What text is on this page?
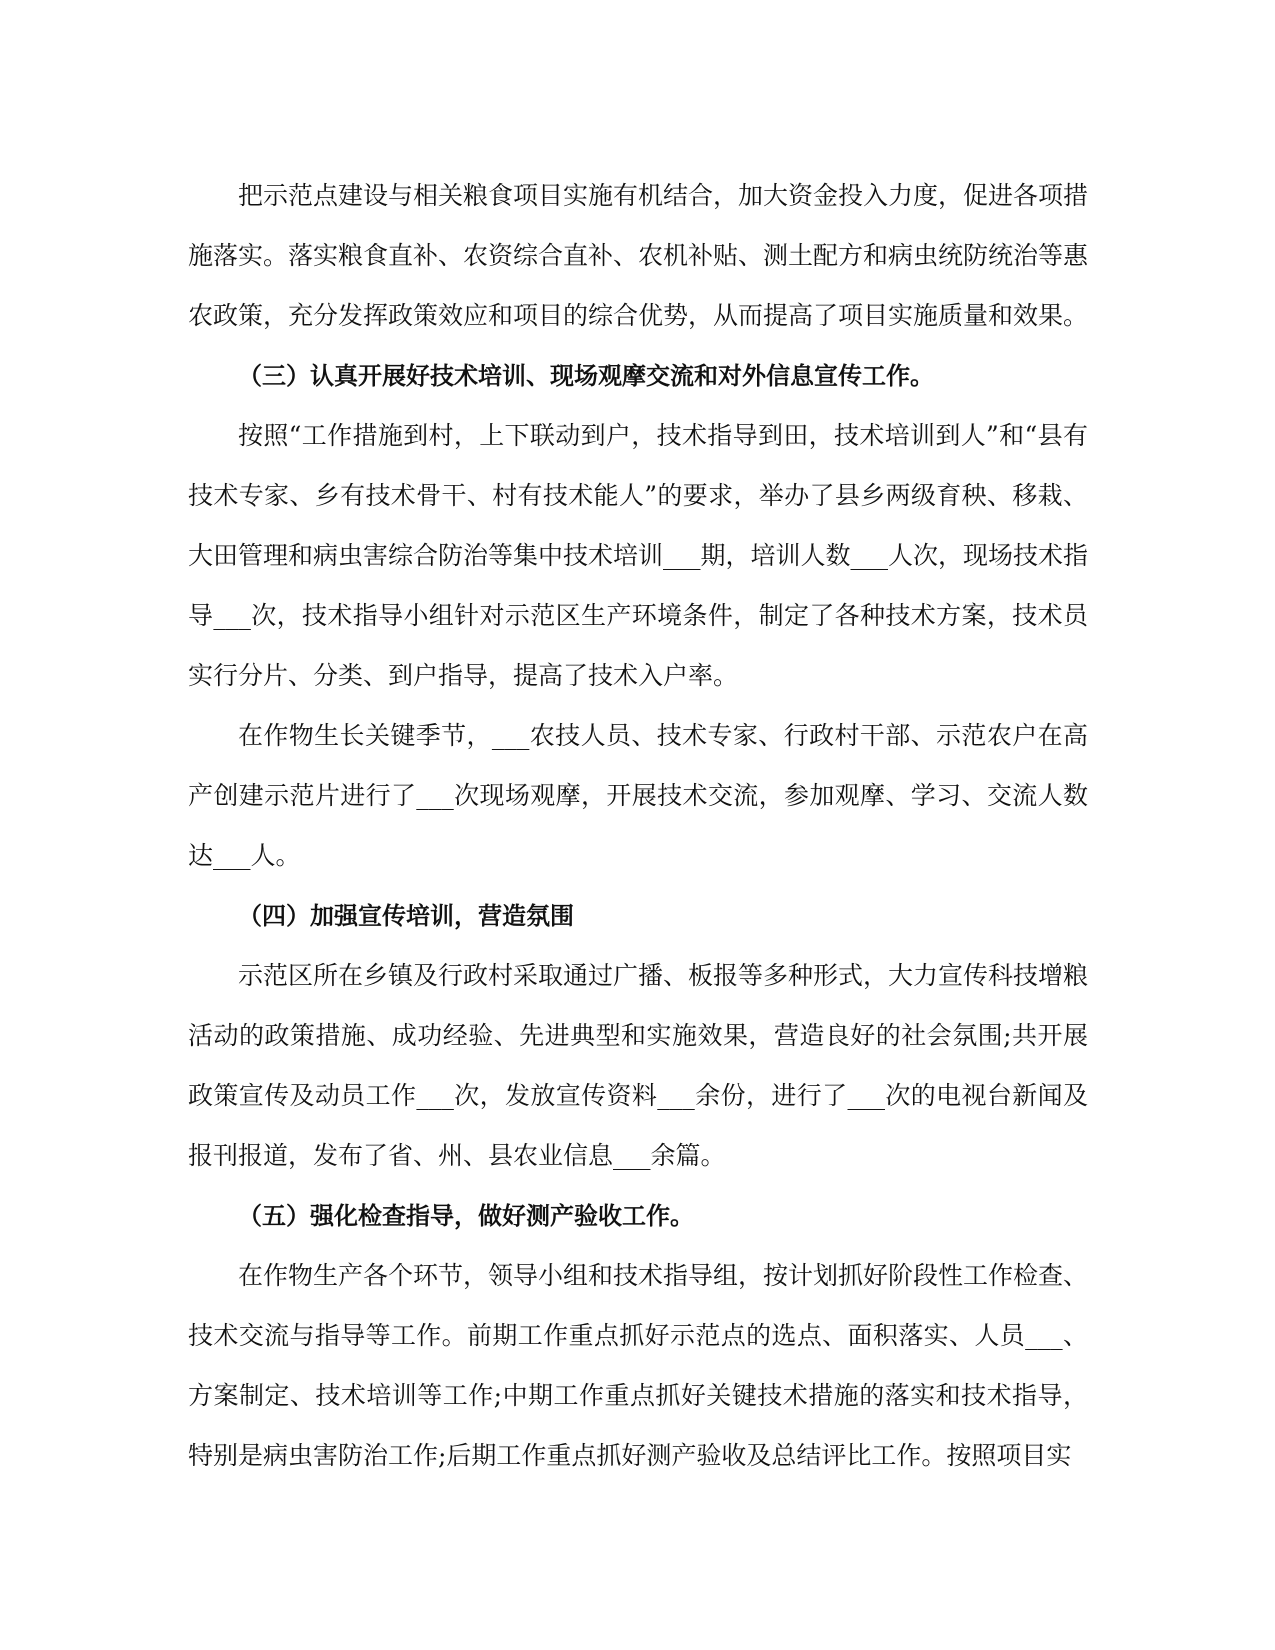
把示范点建设与相关粮食项目实施有机结合，加大资金投入力度，促进各项措施落实。落实粮食直补、农资综合直补、农机补贴、测土配方和病虫统防统治等惠农政策，充分发挥政策效应和项目的综合优势，从而提高了项目实施质量和效果。

（三）认真开展好技术培训、现场观摩交流和对外信息宣传工作。

按照“工作措施到村，上下联动到户，技术指导到田，技术培训到人”和“县有技术专家、乡有技术骨干、村有技术能人”的要求，举办了县乡两级育秧、移栽、大田管理和病虫害综合防治等集中技术培训___期，培训人数___人次，现场技术指导___次，技术指导小组针对示范区生产环境条件，制定了各种技术方案，技术员实行分片、分类、到户指导，提高了技术入户率。

在作物生长关键季节，___农技人员、技术专家、行政村干部、示范农户在高产创建示范片进行了___次现场观摩，开展技术交流，参加观摩、学习、交流人数达___人。

（四）加强宣传培训，营造氛围

示范区所在乡镇及行政村采取通过广播、板报等多种形式，大力宣传科技增粮活动的政策措施、成功经验、先进典型和实施效果，营造良好的社会氛围;共开展政策宣传及动员工作___次，发放宣传资料___余份，进行了___次的电视台新闻及报刊报道，发布了省、州、县农业信息___余篇。

（五）强化检查指导，做好测产验收工作。

在作物生产各个环节，领导小组和技术指导组，按计划抓好阶段性工作检查、技术交流与指导等工作。前期工作重点抓好示范点的选点、面积落实、人员___、方案制定、技术培训等工作;中期工作重点抓好关键技术措施的落实和技术指导，特别是病虫害防治工作;后期工作重点抓好测产验收及总结评比工作。按照项目实
